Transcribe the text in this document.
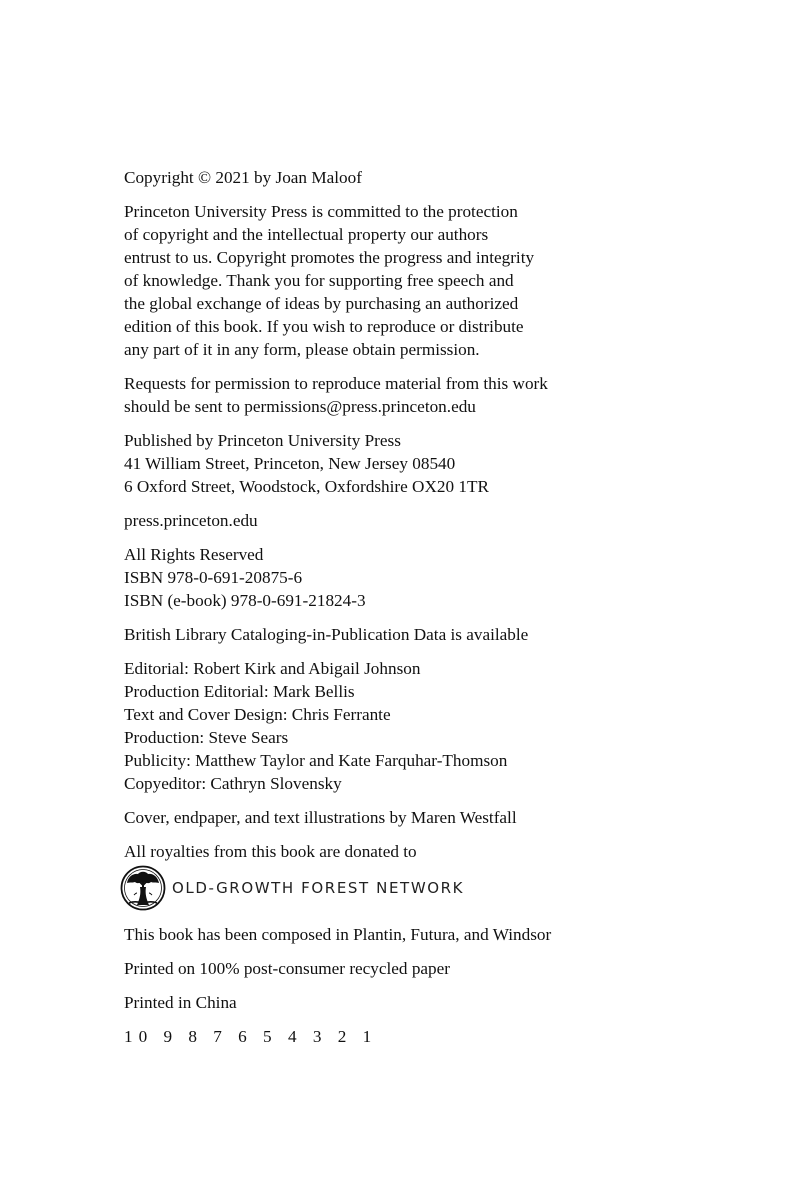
Copyright © 2021 by Joan Maloof
Princeton University Press is committed to the protection
of copyright and the intellectual property our authors
entrust to us. Copyright promotes the progress and integrity
of knowledge. Thank you for supporting free speech and
the global exchange of ideas by purchasing an authorized
edition of this book. If you wish to reproduce or distribute
any part of it in any form, please obtain permission.
Requests for permission to reproduce material from this work
should be sent to permissions@press.princeton.edu
Published by Princeton University Press
41 William Street, Princeton, New Jersey 08540
6 Oxford Street, Woodstock, Oxfordshire OX20 1TR
press.princeton.edu
All Rights Reserved
ISBN 978-0-691-20875-6
ISBN (e-book) 978-0-691-21824-3
British Library Cataloging-in-Publication Data is available
Editorial: Robert Kirk and Abigail Johnson
Production Editorial: Mark Bellis
Text and Cover Design: Chris Ferrante
Production: Steve Sears
Publicity: Matthew Taylor and Kate Farquhar-Thomson
Copyeditor: Cathryn Slovensky
Cover, endpaper, and text illustrations by Maren Westfall
All royalties from this book are donated to
OLD-GROWTH FOREST NETWORK
This book has been composed in Plantin, Futura, and Windsor
Printed on 100% post-consumer recycled paper
Printed in China
10 9 8 7 6 5 4 3 2 1
